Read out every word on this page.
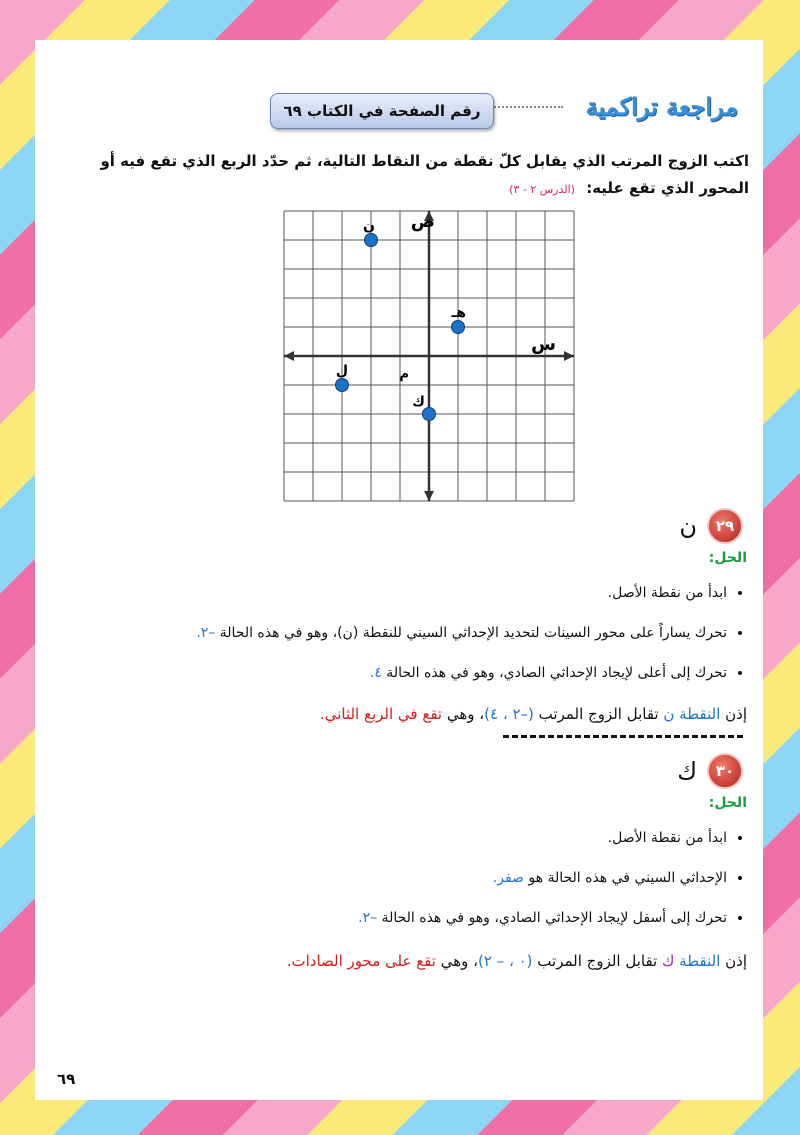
مراجعة تراكمية
رقم الصفحة في الكتاب ٦٩
اكتب الزوج المرتب الذي يقابل كلّ نقطة من النقاط التالية، ثم حدّد الربع الذي تقع فيه أو المحور الذي تقع عليه: (الدرس ٢ - ٣)
س
ص
م
ن
هـ
ل
ك
٢٩
ن
الحل:
• ابدأ من نقطة الأصل.
• تحرك يساراً على محور السينات لتحديد الإحداثي السيني للنقطة (ن)، وهو في هذه الحالة –٢.
• تحرك إلى أعلى لإيجاد الإحداثي الصادي، وهو في هذه الحالة ٤.
إذن النقطة ن تقابل الزوج المرتب (–٢ ، ٤)، وهي تقع في الربع الثاني.
٣٠
ك
الحل:
• ابدأ من نقطة الأصل.
• الإحداثي السيني في هذه الحالة هو صفر.
• تحرك إلى أسفل لإيجاد الإحداثي الصادي، وهو في هذه الحالة –٢.
إذن النقطة ك تقابل الزوج المرتب (٠ ، – ٢)، وهي تقع على محور الصادات.
٦٩
